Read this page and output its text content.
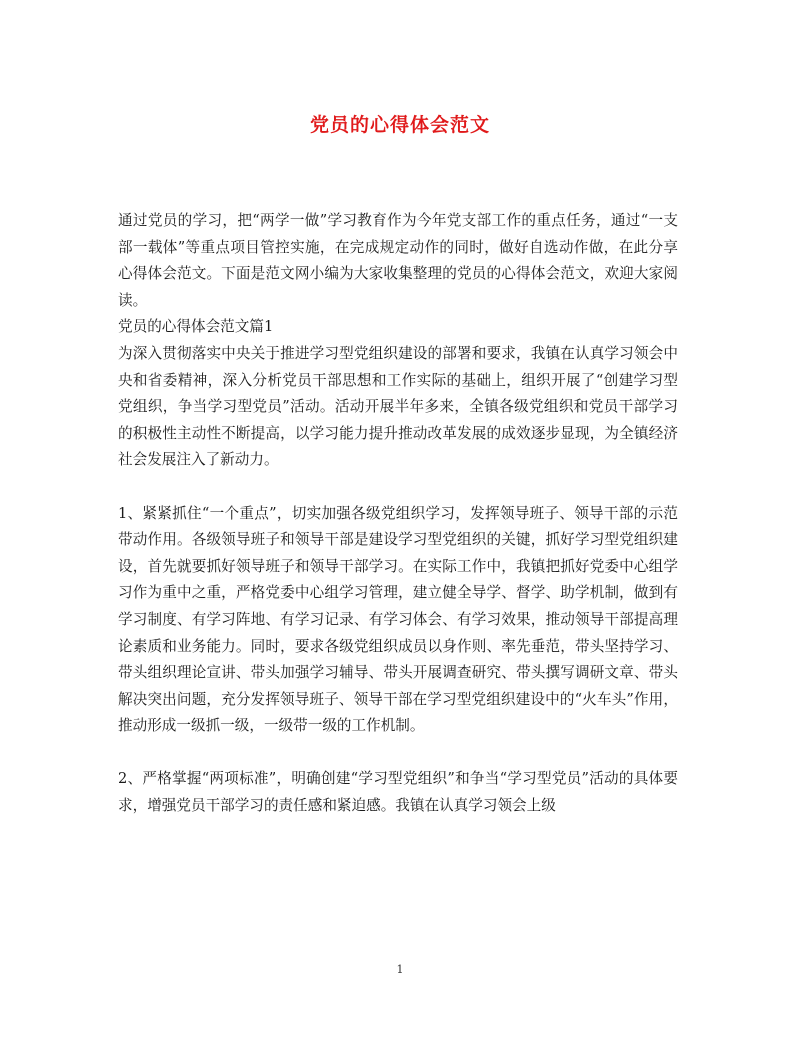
党员的心得体会范文

通过党员的学习，把“两学一做”学习教育作为今年党支部工作的重点任务，通过“一支部一载体”等重点项目管控实施，在完成规定动作的同时，做好自选动作做，在此分享心得体会范文。下面是范文网小编为大家收集整理的党员的心得体会范文，欢迎大家阅读。

党员的心得体会范文篇1

为深入贯彻落实中央关于推进学习型党组织建设的部署和要求，我镇在认真学习领会中央和省委精神，深入分析党员干部思想和工作实际的基础上，组织开展了“创建学习型党组织，争当学习型党员”活动。活动开展半年多来，全镇各级党组织和党员干部学习的积极性主动性不断提高，以学习能力提升推动改革发展的成效逐步显现，为全镇经济社会发展注入了新动力。

1、紧紧抓住“一个重点”，切实加强各级党组织学习，发挥领导班子、领导干部的示范带动作用。各级领导班子和领导干部是建设学习型党组织的关键，抓好学习型党组织建设，首先就要抓好领导班子和领导干部学习。在实际工作中，我镇把抓好党委中心组学习作为重中之重，严格党委中心组学习管理，建立健全导学、督学、助学机制，做到有学习制度、有学习阵地、有学习记录、有学习体会、有学习效果，推动领导干部提高理论素质和业务能力。同时，要求各级党组织成员以身作则、率先垂范，带头坚持学习、带头组织理论宣讲、带头加强学习辅导、带头开展调查研究、带头撰写调研文章、带头解决突出问题，充分发挥领导班子、领导干部在学习型党组织建设中的“火车头”作用，推动形成一级抓一级，一级带一级的工作机制。

2、严格掌握“两项标准”，明确创建“学习型党组织”和争当“学习型党员”活动的具体要求，增强党员干部学习的责任感和紧迫感。我镇在认真学习领会上级

1
